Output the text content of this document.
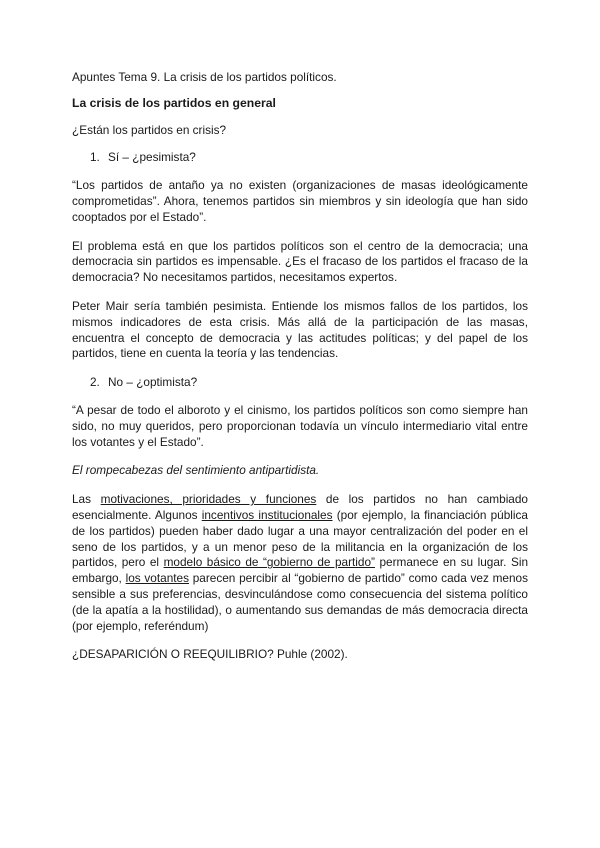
Apuntes Tema 9. La crisis de los partidos políticos.

La crisis de los partidos en general

¿Están los partidos en crisis?

1. Sí – ¿pesimista?

“Los partidos de antaño ya no existen (organizaciones de masas ideológicamente comprometidas”. Ahora, tenemos partidos sin miembros y sin ideología que han sido cooptados por el Estado”.

El problema está en que los partidos políticos son el centro de la democracia; una democracia sin partidos es impensable. ¿Es el fracaso de los partidos el fracaso de la democracia? No necesitamos partidos, necesitamos expertos.

Peter Mair sería también pesimista. Entiende los mismos fallos de los partidos, los mismos indicadores de esta crisis. Más allá de la participación de las masas, encuentra el concepto de democracia y las actitudes políticas; y del papel de los partidos, tiene en cuenta la teoría y las tendencias.

2. No – ¿optimista?

“A pesar de todo el alboroto y el cinismo, los partidos políticos son como siempre han sido, no muy queridos, pero proporcionan todavía un vínculo intermediario vital entre los votantes y el Estado”.

El rompecabezas del sentimiento antipartidista.

Las motivaciones, prioridades y funciones de los partidos no han cambiado esencialmente. Algunos incentivos institucionales (por ejemplo, la financiación pública de los partidos) pueden haber dado lugar a una mayor centralización del poder en el seno de los partidos, y a un menor peso de la militancia en la organización de los partidos, pero el modelo básico de “gobierno de partido” permanece en su lugar. Sin embargo, los votantes parecen percibir al “gobierno de partido” como cada vez menos sensible a sus preferencias, desvinculándose como consecuencia del sistema político (de la apatía a la hostilidad), o aumentando sus demandas de más democracia directa (por ejemplo, referéndum)

¿DESAPARICIÓN O REEQUILIBRIO? Puhle (2002).
